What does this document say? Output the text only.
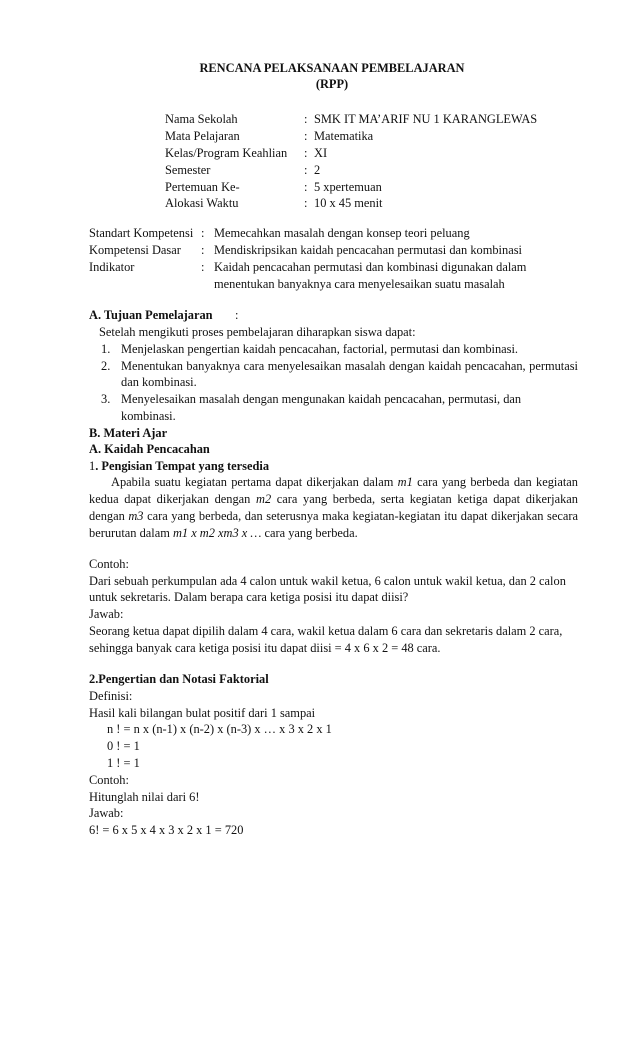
RENCANA PELAKSANAAN PEMBELAJARAN
(RPP)
Nama Sekolah	: SMK IT MA’ARIF NU 1 KARANGLEWAS
Mata Pelajaran	: Matematika
Kelas/Program Keahlian : XI
Semester	: 2
Pertemuan Ke-	: 5 xpertemuan
Alokasi Waktu	: 10 x 45 menit
Standart Kompetensi : Memecahkan masalah dengan konsep teori peluang
Kompetensi Dasar : Mendiskripsikan kaidah pencacahan permutasi dan kombinasi
Indikator	: Kaidah pencacahan permutasi dan kombinasi digunakan dalam
menentukan banyaknya cara menyelesaikan suatu masalah
A. Tujuan Pemelajaran :
Setelah mengikuti proses pembelajaran diharapkan siswa dapat:
1. Menjelaskan pengertian kaidah pencacahan, factorial, permutasi dan kombinasi.
2. Menentukan banyaknya cara menyelesaikan masalah dengan kaidah pencacahan, permutasi
dan kombinasi.
3. Menyelesaikan masalah dengan mengunakan kaidah pencacahan, permutasi, dan
kombinasi.
B. Materi Ajar
A. Kaidah Pencacahan
1. Pengisian Tempat yang tersedia
Apabila suatu kegiatan pertama dapat dikerjakan dalam m1 cara yang berbeda dan kegiatan
kedua dapat dikerjakan dengan m2 cara yang berbeda, serta kegiatan ketiga dapat dikerjakan
dengan m3 cara yang berbeda, dan seterusnya maka kegiatan-kegiatan itu dapat dikerjakan secara
berurutan dalam m1 x m2 xm3 x … cara yang berbeda.
Contoh:
Dari sebuah perkumpulan ada 4 calon untuk wakil ketua, 6 calon untuk wakil ketua, dan 2 calon
untuk sekretaris. Dalam berapa cara ketiga posisi itu dapat diisi?
Jawab:
Seorang ketua dapat dipilih dalam 4 cara, wakil ketua dalam 6 cara dan sekretaris dalam 2 cara,
sehingga banyak cara ketiga posisi itu dapat diisi = 4 x 6 x 2 = 48 cara.
2.Pengertian dan Notasi Faktorial
Definisi:
Hasil kali bilangan bulat positif dari 1 sampai
n ! = n x (n-1) x (n-2) x (n-3) x … x 3 x 2 x 1
0 ! = 1
1 ! = 1
Contoh:
Hitunglah nilai dari 6!
Jawab:
6! = 6 x 5 x 4 x 3 x 2 x 1 = 720
